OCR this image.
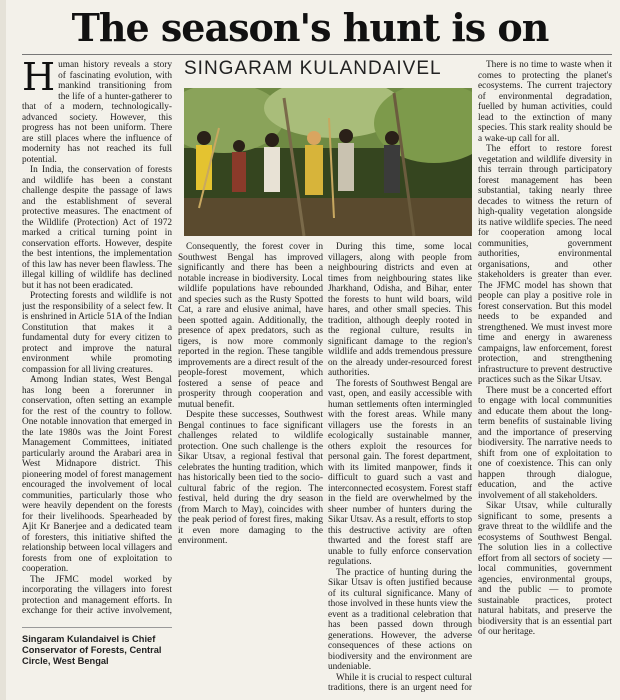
The season's hunt is on
SINGARAM KULANDAIVEL

Human history reveals a story of fascinating evolution, with mankind transitioning from the life of a hunter-gatherer to that of a modern, technologically-advanced society. However, this progress has not been uniform. There are still places where the influence of modernity has not reached its full potential.

In India, the conservation of forests and wildlife has been a constant challenge despite the passage of laws and the establishment of several protective measures. The enactment of the Wildlife (Protection) Act of 1972 marked a critical turning point in conservation efforts. However, despite the best intentions, the implementation of this law has never been flawless. The illegal killing of wildlife has declined but it has not been eradicated.

Protecting forests and wildlife is not just the responsibility of a select few. It is enshrined in Article 51A of the Indian Constitution that makes it a fundamental duty for every citizen to protect and improve the natural environment while promoting compassion for all living creatures.

Among Indian states, West Bengal has long been a forerunner in conservation, often setting an example for the rest of the country to follow. One notable innovation that emerged in the late 1980s was the Joint Forest Management Committees, initiated particularly around the Arabari area in West Midnapore district. This pioneering model of forest management encouraged the involvement of local communities, particularly those who were heavily dependent on the forests for their livelihoods. Spearheaded by Ajit Kr Banerjee and a dedicated team of foresters, this initiative shifted the relationship between local villagers and forests from one of exploitation to cooperation.

The JFMC model worked by incorporating the villagers into forest protection and management efforts. In exchange for their active involvement,

Singaram Kulandaivel is Chief Conservator of Forests, Central Circle, West Bengal

Consequently, the forest cover in Southwest Bengal has improved significantly and there has been a notable increase in biodiversity. Local wildlife populations have rebounded and species such as the Rusty Spotted Cat, a rare and elusive animal, have been spotted again. Additionally, the presence of apex predators, such as tigers, is now more commonly reported in the region. These tangible improvements are a direct result of the people-forest movement, which fostered a sense of peace and prosperity through cooperation and mutual benefit.

Despite these successes, Southwest Bengal continues to face significant challenges related to wildlife protection. One such challenge is the Sikar Utsav, a regional festival that celebrates the hunting tradition, which has historically been tied to the socio-cultural fabric of the region. The festival, held during the dry season (from March to May), coincides with the peak period of forest fires, making it even more damaging to the environment.

During this time, some local villagers, along with people from neighbouring districts and even at times from neighbouring states like Jharkhand, Odisha, and Bihar, enter the forests to hunt wild boars, wild hares, and other small species. This tradition, although deeply rooted in the regional culture, results in significant damage to the region's wildlife and adds tremendous pressure on the already under-resourced forest authorities.

The forests of Southwest Bengal are vast, open, and easily accessible with human settlements often intermingled with the forest areas. While many villagers use the forests in an ecologically sustainable manner, others exploit the resources for personal gain. The forest department, with its limited manpower, finds it difficult to guard such a vast and interconnected ecosystem. Forest staff in the field are overwhelmed by the sheer number of hunters during the Sikar Utsav. As a result, efforts to stop this destructive activity are often thwarted and the forest staff are unable to fully enforce conservation regulations.

The practice of hunting during the Sikar Utsav is often justified because of its cultural significance. Many of those involved in these hunts view the event as a traditional celebration that has been passed down through generations. However, the adverse consequences of these actions on biodiversity and the environment are undeniable.

While it is crucial to respect cultural traditions, there is an urgent need for

There is no time to waste when it comes to protecting the planet's ecosystems. The current trajectory of environmental degradation, fuelled by human activities, could lead to the extinction of many species. This stark reality should be a wake-up call for all.

The effort to restore forest vegetation and wildlife diversity in this terrain through participatory forest management has been substantial, taking nearly three decades to witness the return of high-quality vegetation alongside its native wildlife species. The need for cooperation among local communities, government authorities, environmental organisations, and other stakeholders is greater than ever. The JFMC model has shown that people can play a positive role in forest conservation. But this model needs to be expanded and strengthened. We must invest more time and energy in awareness campaigns, law enforcement, forest protection, and strengthening infrastructure to prevent destructive practices such as the Sikar Utsav.

There must be a concerted effort to engage with local communities and educate them about the long-term benefits of sustainable living and the importance of preserving biodiversity. The narrative needs to shift from one of exploitation to one of coexistence. This can only happen through dialogue, education, and the active involvement of all stakeholders.

Sikar Utsav, while culturally significant to some, presents a grave threat to the wildlife and the ecosystems of Southwest Bengal. The solution lies in a collective effort from all sectors of society — local communities, government agencies, environmental groups, and the public — to promote sustainable practices, protect natural habitats, and preserve the biodiversity that is an essential part of our heritage.
